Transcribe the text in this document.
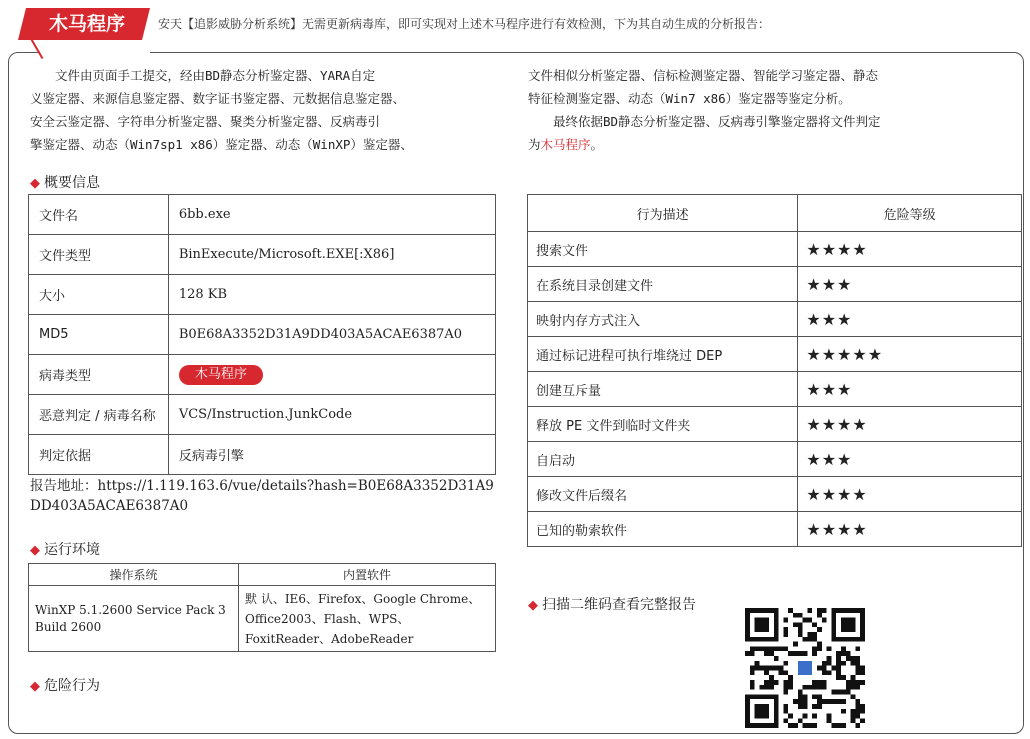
木马程序	安天【追影威胁分析系统】无需更新病毒库，即可实现对上述木马程序进行有效检测，下为其自动生成的分析报告：
文件由页面手工提交，经由BD静态分析鉴定器、YARA自定
义鉴定器、来源信息鉴定器、数字证书鉴定器、元数据信息鉴定器、
安全云鉴定器、字符串分析鉴定器、聚类分析鉴定器、反病毒引
擎鉴定器、动态（Win7sp1 x86）鉴定器、动态（WinXP）鉴定器、
文件相似分析鉴定器、信标检测鉴定器、智能学习鉴定器、静态
特征检测鉴定器、动态（Win7 x86）鉴定器等鉴定分析。
最终依据BD静态分析鉴定器、反病毒引擎鉴定器将文件判定
为木马程序。
◆ 概要信息
文件名	6bb.exe
文件类型	BinExecute/Microsoft.EXE[:X86]
大小	128 KB
MD5	B0E68A3352D31A9DD403A5ACAE6387A0
病毒类型	木马程序
恶意判定 / 病毒名称	VCS/Instruction.JunkCode
判定依据	反病毒引擎
报告地址：https://1.119.163.6/vue/details?hash=B0E68A3352D31A9DD403A5ACAE6387A0
◆ 运行环境
操作系统	内置软件
WinXP 5.1.2600 Service Pack 3 Build 2600	默 认、IE6、Firefox、Google Chrome、Office2003、Flash、WPS、FoxitReader、AdobeReader
◆ 危险行为
行为描述	危险等级
搜索文件	★★★★
在系统目录创建文件	★★★
映射内存方式注入	★★★
通过标记进程可执行堆绕过 DEP	★★★★★
创建互斥量	★★★
释放 PE 文件到临时文件夹	★★★★
自启动	★★★
修改文件后缀名	★★★★
已知的勒索软件	★★★★
◆ 扫描二维码查看完整报告
